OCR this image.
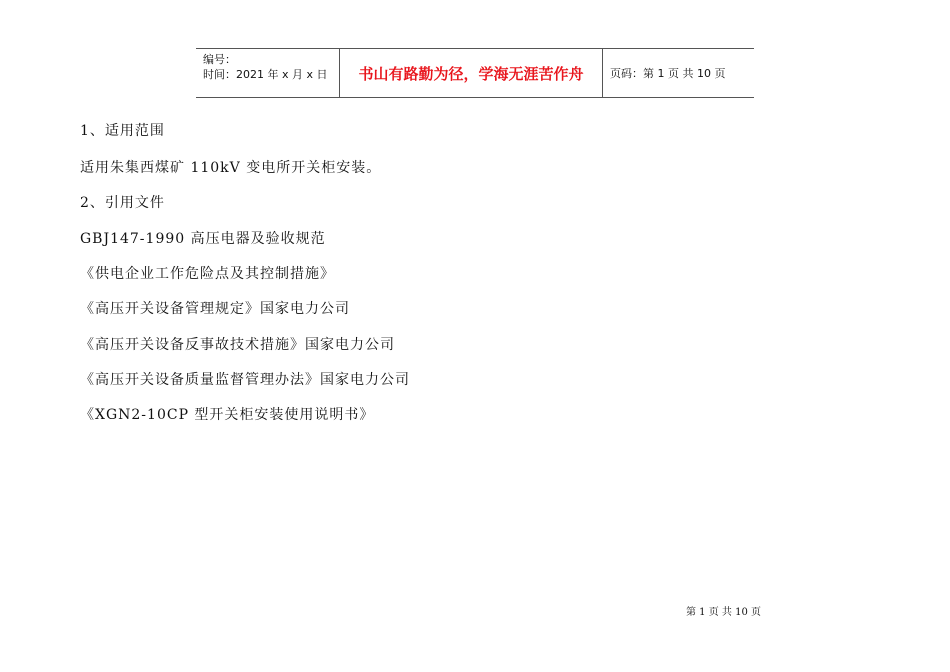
编号：
时间：2021 年 x 月 x 日	书山有路勤为径，学海无涯苦作舟	页码：第 1 页 共 10 页
1、适用范围
适用朱集西煤矿 110kV 变电所开关柜安装。
2、引用文件
GBJ147-1990 高压电器及验收规范
《供电企业工作危险点及其控制措施》
《高压开关设备管理规定》国家电力公司
《高压开关设备反事故技术措施》国家电力公司
《高压开关设备质量监督管理办法》国家电力公司
《XGN2-10CP 型开关柜安装使用说明书》
第 1 页 共 10 页
